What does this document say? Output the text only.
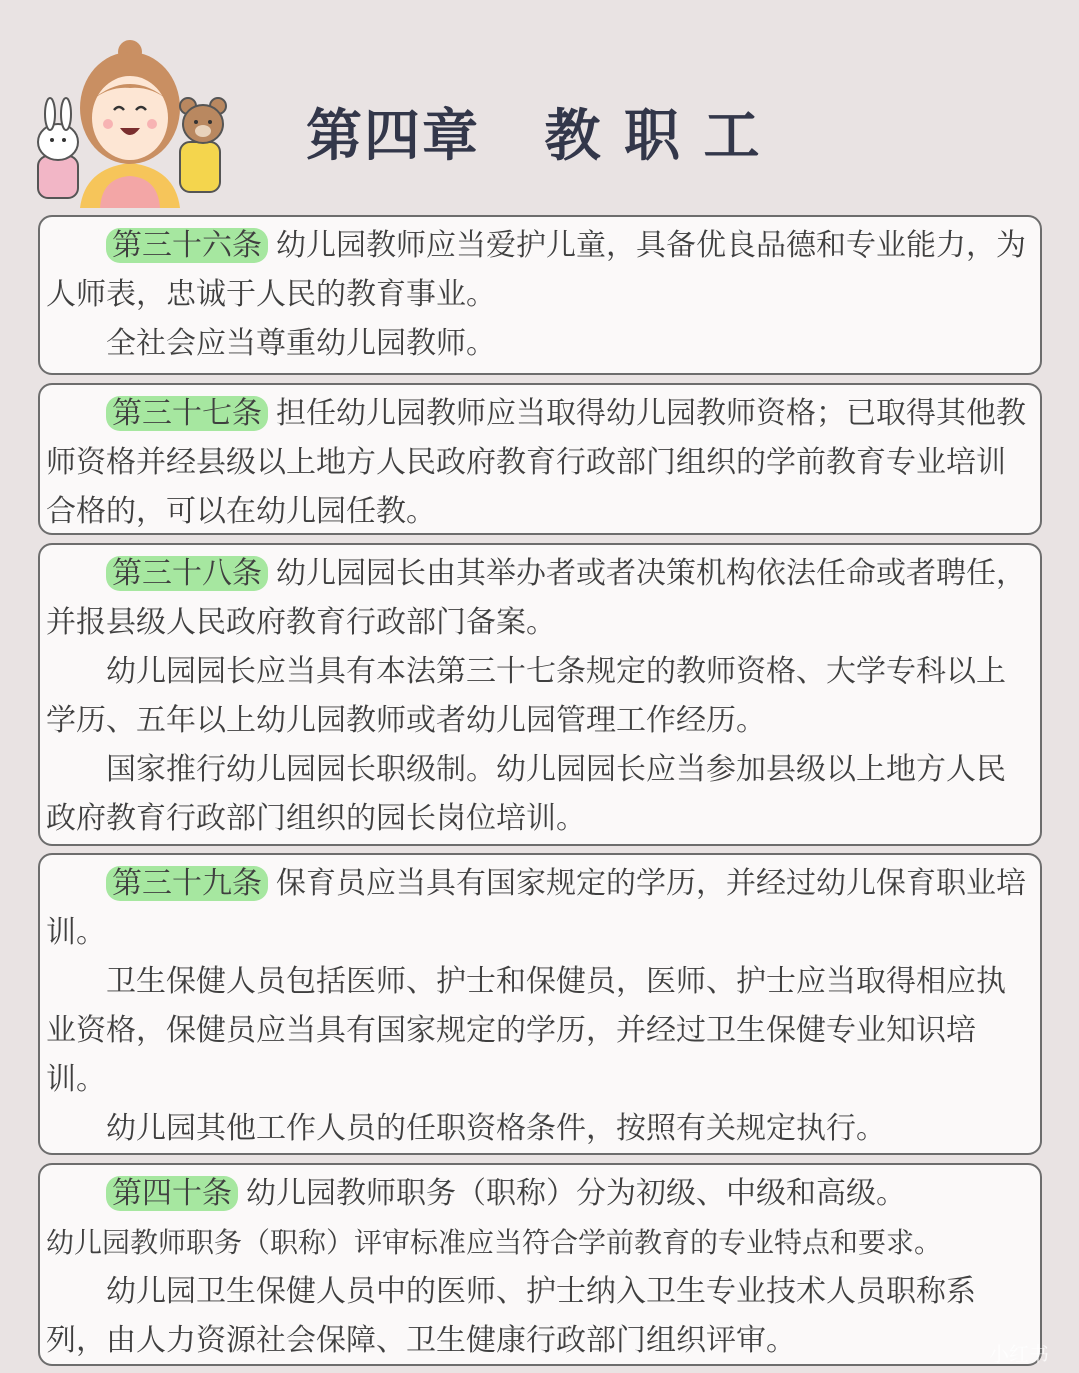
第四章   教 职 工

第三十六条 幼儿园教师应当爱护儿童，具备优良品德和专业能力，为人师表，忠诚于人民的教育事业。

全社会应当尊重幼儿园教师。

第三十七条 担任幼儿园教师应当取得幼儿园教师资格；已取得其他教师资格并经县级以上地方人民政府教育行政部门组织的学前教育专业培训合格的，可以在幼儿园任教。

第三十八条 幼儿园园长由其举办者或者决策机构依法任命或者聘任，并报县级人民政府教育行政部门备案。

幼儿园园长应当具有本法第三十七条规定的教师资格、大学专科以上学历、五年以上幼儿园教师或者幼儿园管理工作经历。

国家推行幼儿园园长职级制。幼儿园园长应当参加县级以上地方人民政府教育行政部门组织的园长岗位培训。

第三十九条 保育员应当具有国家规定的学历，并经过幼儿保育职业培训。

卫生保健人员包括医师、护士和保健员，医师、护士应当取得相应执业资格，保健员应当具有国家规定的学历，并经过卫生保健专业知识培训。

幼儿园其他工作人员的任职资格条件，按照有关规定执行。

第四十条 幼儿园教师职务（职称）分为初级、中级和高级。

幼儿园教师职务（职称）评审标准应当符合学前教育的专业特点和要求。

幼儿园卫生保健人员中的医师、护士纳入卫生专业技术人员职称系列，由人力资源社会保障、卫生健康行政部门组织评审。	小红书
